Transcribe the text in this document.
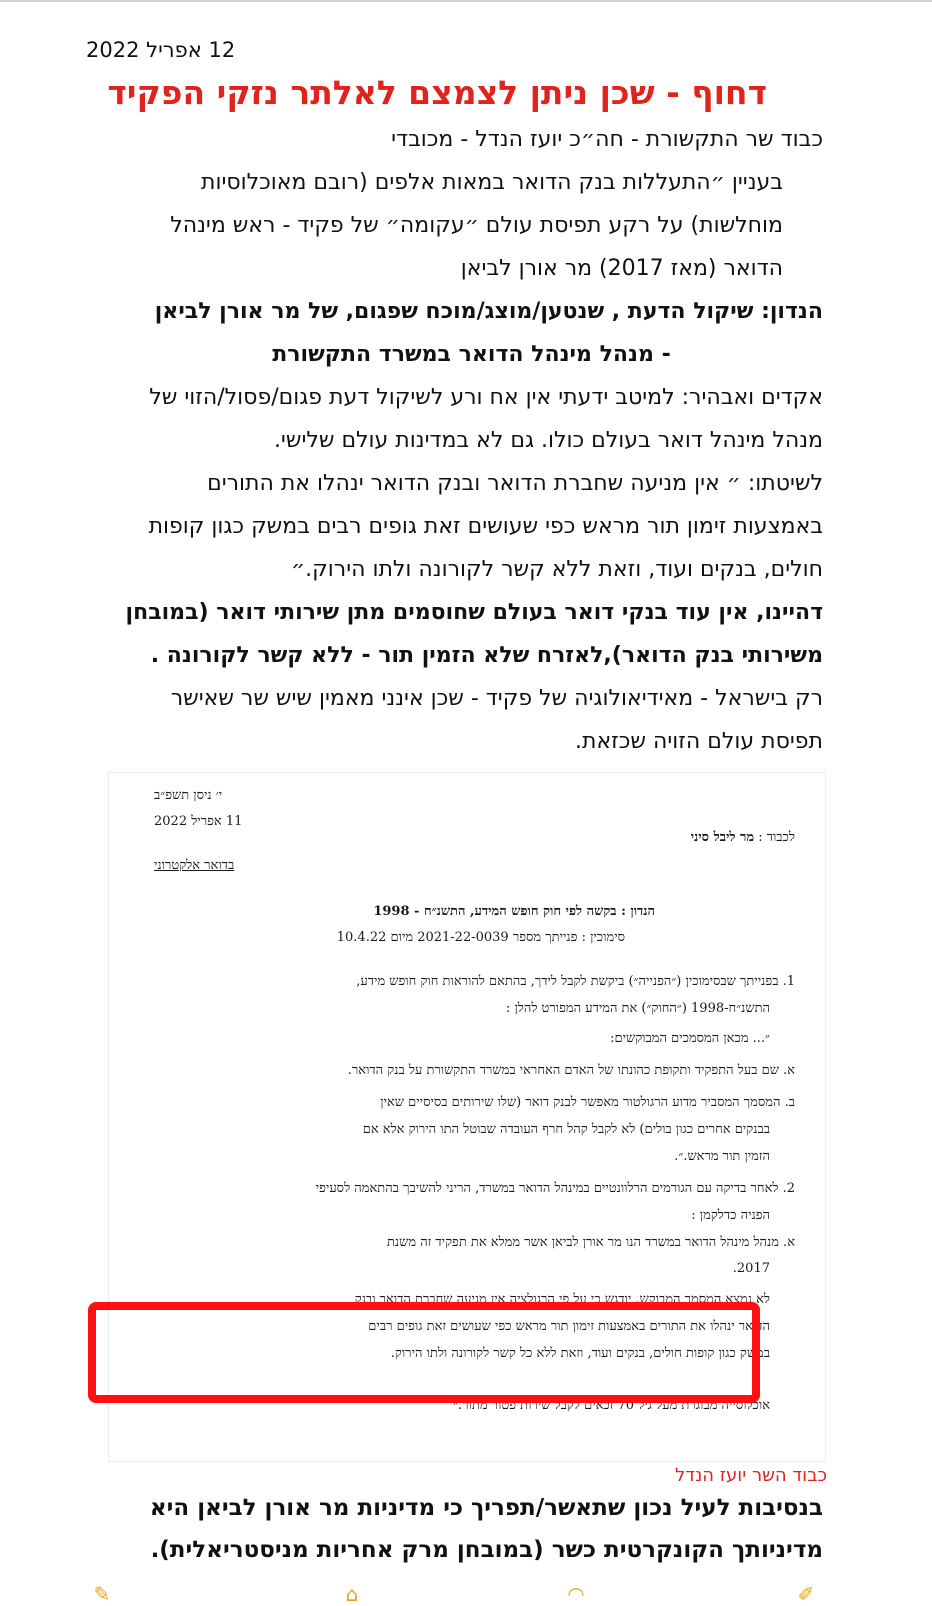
12 אפריל 2022
דחוף - שכן ניתן לצמצם לאלתר נזקי הפקיד

כבוד שר התקשורת - חה״כ יועז הנדל - מכובדי

בעניין ״התעללות בנק הדואר במאות אלפים (רובם מאוכלוסיות מוחלשות) על רקע תפיסת עולם ״עקומה״ של פקיד - ראש מינהל הדואר (מאז 2017) מר אורן לביאן

הנדון: שיקול הדעת , שנטען/מוצג/מוכח שפגום, של מר אורן לביאן

- מנהל מינהל הדואר במשרד התקשורת

אקדים ואבהיר: למיטב ידעתי אין אח ורע לשיקול דעת פגום/פסול/הזוי של מנהל מינהל דואר בעולם כולו. גם לא במדינות עולם שלישי.

לשיטתו: ״ אין מניעה שחברת הדואר ובנק הדואר ינהלו את התורים באמצעות זימון תור מראש כפי שעושים זאת גופים רבים במשק כגון קופות חולים, בנקים ועוד, וזאת ללא קשר לקורונה ולתו הירוק.״

דהיינו, אין עוד בנקי דואר בעולם שחוסמים מתן שירותי דואר (במובחן משירותי בנק הדואר),לאזרח שלא הזמין תור - ללא קשר לקורונה .

רק בישראל - מאידיאולוגיה של פקיד - שכן אינני מאמין שיש שר שאישר תפיסת עולם הזויה שכזאת.

י׳ ניסן תשפ״ב
11 אפריל 2022
לכבוד : מר ליבל סיני
בדואר אלקטרוני
הנדון : בקשה לפי חוק חופש המידע, התשנ״ח - 1998
סימוכין : פנייתך מספר 2021-22-0039 מיום 10.4.22
1. בפנייתך שבסימוכין (״הפנייה״) ביקשת לקבל לידך, בהתאם להוראות חוק חופש מידע,
התשנ״ח-1998 (״החוק״) את המידע המפורט להלן :
״... מכאן המסמכים המבוקשים:
א. שם בעל התפקיד ותקופת כהונתו של האדם האחראי במשרד התקשורת על בנק הדואר.
ב. המסמך המסביר מדוע הרגולטור מאפשר לבנק דואר (שלו שירותים בסיסיים שאין
בבנקים אחרים כגון בולים) לא לקבל קהל חרף העובדה שבוטל התו הירוק אלא אם
הזמין תור מראש.״.
2. לאחר בדיקה עם הגורמים הרלוונטיים במינהל הדואר במשרד, הריני להשיבך בהתאמה לסעיפי
הפניה כדלקמן :
א. מנהל מינהל הדואר במשרד הנו מר אורן לביאן אשר ממלא את תפקיד זה משנת
2017.
לא נמצא המסמך המבוקש, יודגש כי על פי הרגולציה אין מניעה שחברת הדואר ובנק
הדואר ינהלו את התורים באמצעות זימון תור מראש כפי שעושים זאת גופים רבים
במשק כגון קופות חולים, בנקים ועוד, וזאת ללא כל קשר לקורונה ולתו הירוק.
אוכלוסייה מבוגרת מעל גיל 70 זכאים לקבל שירות פטור מתור.״
כבוד השר יועז הנדל
בנסיבות לעיל נכון שתאשר/תפריך כי מדיניות מר אורן לביאן היא מדיניותך הקונקרטית כשר (במובחן מרק אחריות מניסטריאלית).
✎	⌂	◠	✐
